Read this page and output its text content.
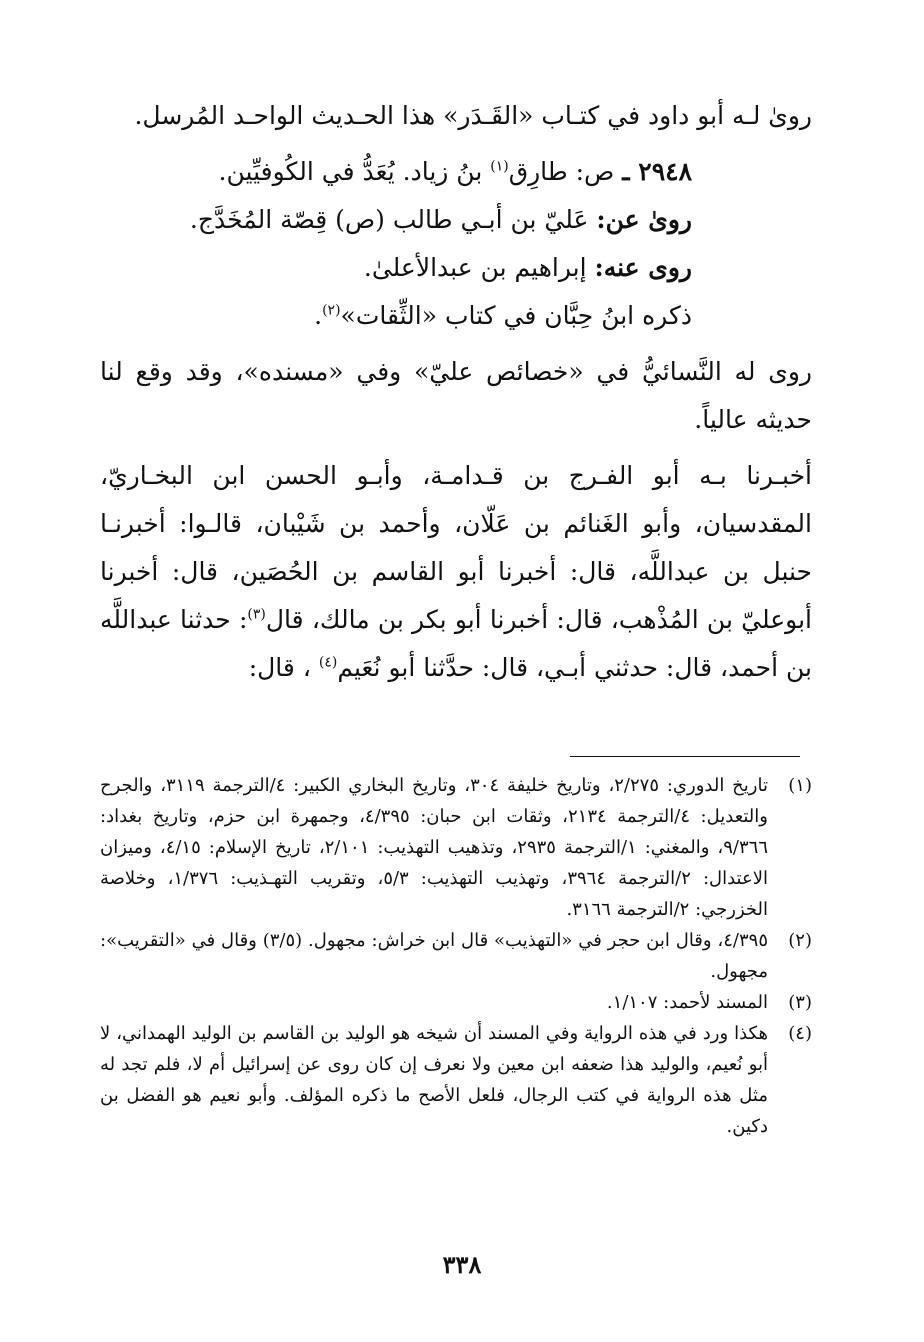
روىٰ لـه أبو داود في كتـاب «القَـدَر» هذا الحـديث الواحـد المُرسل.

٢٩٤٨ ـ ص: طارِق$^{(١)}$ بنُ زياد. يُعَدُّ في الكُوفيِّين.

روىٰ عن: عَليّ بن أبـي طالب (ص) قِصّة المُخَدَّج.

روى عنه: إبراهيم بن عبدالأعلىٰ.

ذكره ابنُ حِبَّان في كتاب «الثِّقات»$^{(٢)}$.

روى له النَّسائيُّ في «خصائص عليّ» وفي «مسنده»، وقد وقع لنا حديثه عالياً.

أخبـرنا بـه أبو الفـرج بن قـدامـة، وأبـو الحسن ابن البخـاريّ، المقدسيان، وأبو الغَنائم بن عَلّان، وأحمد بن شَيْبان، قالـوا: أخبرنـا حنبل بن عبداللَّه، قال: أخبرنا أبو القاسم بن الحُصَين، قال: أخبرنا أبوعليّ بن المُذْهب، قال: أخبرنا أبو بكر بن مالك، قال$^{(٣)}$: حدثنا عبداللَّه بن أحمد، قال: حدثني أبـي، قال: حدَّثنا أبو نُعَيم$^{(٤)}$ ، قال:

(١)
تاريخ الدوري: ٢/٢٧٥، وتاريخ خليفة ٣٠٤، وتاريخ البخاري الكبير: ٤/الترجمة ٣١١٩، والجرح والتعديل: ٤/الترجمة ٢١٣٤، وثقات ابن حبان: ٤/٣٩٥، وجمهرة ابن حزم، وتاريخ بغداد: ٩/٣٦٦، والمغني: ١/الترجمة ٢٩٣٥، وتذهيب التهذيب: ٢/١٠١، تاريخ الإسلام: ٤/١٥، وميزان الاعتدال: ٢/الترجمة ٣٩٦٤، وتهذيب التهذيب: ٥/٣، وتقريب التهـذيب: ١/٣٧٦، وخلاصة الخزرجي: ٢/الترجمة ٣١٦٦.
(٢)
٤/٣٩٥، وقال ابن حجر في «التهذيب» قال ابن خراش: مجهول. (٣/٥) وقال في «التقريب»: مجهول.
(٣)
المسند لأحمد: ١/١٠٧.
(٤)
هكذا ورد في هذه الرواية وفي المسند أن شيخه هو الوليد بن القاسم بن الوليد الهمداني، لا أبو نُعيم، والوليد هذا ضعفه ابن معين ولا نعرف إن كان روى عن إسرائيل أم لا، فلم تجد له مثل هذه الرواية في كتب الرجال، فلعل الأصح ما ذكره المؤلف. وأبو نعيم هو الفضل بن دكين.
٣٣٨
